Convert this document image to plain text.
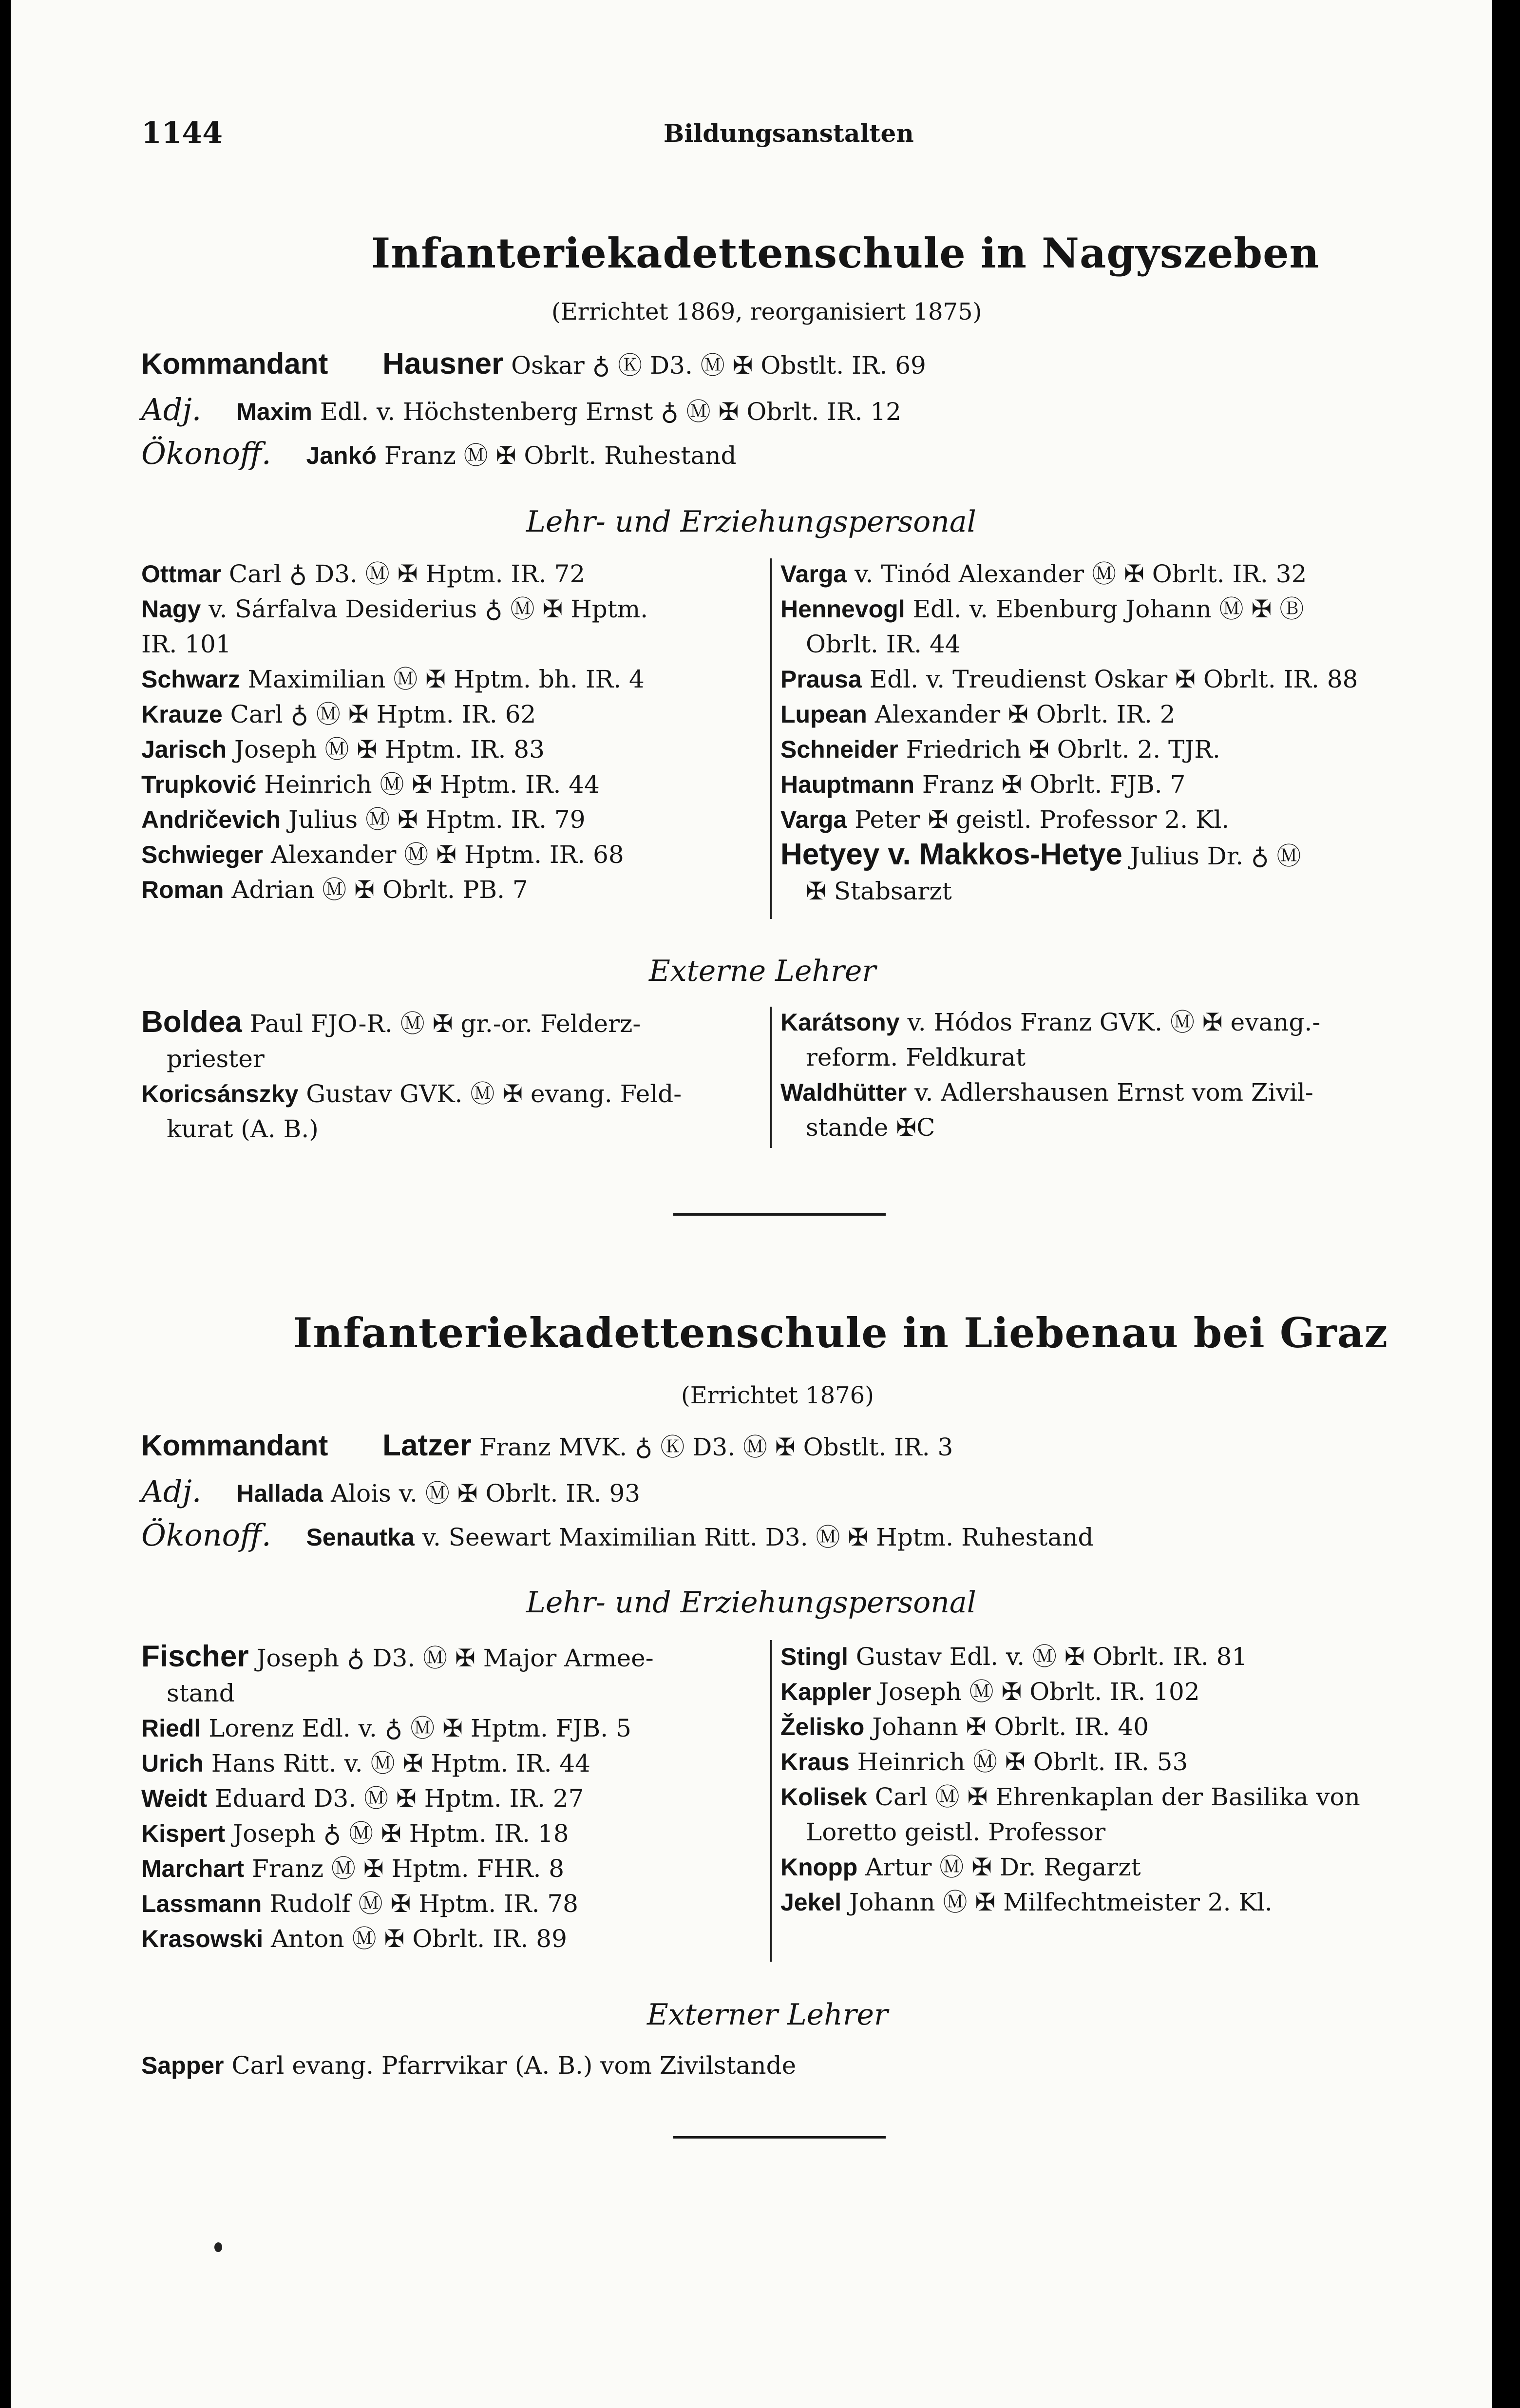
1144	Bildungsanstalten
Infanteriekadettenschule in Nagyszeben
(Errichtet 1869, reorganisiert 1875)
Kommandant Hausner Oskar ♁ Ⓚ D3. Ⓜ ✠ Obstlt. IR. 69
Adj. Maxim Edl. v. Höchstenberg Ernst ♁ Ⓜ ✠ Obrlt. IR. 12
Ökonoff. Jankó Franz Ⓜ ✠ Obrlt. Ruhestand
Lehr- und Erziehungspersonal
Ottmar Carl ♁ D3. Ⓜ ✠ Hptm. IR. 72
Nagy v. Sárfalva Desiderius ♁ Ⓜ ✠ Hptm.
IR. 101
Schwarz Maximilian Ⓜ ✠ Hptm. bh. IR. 4
Krauze Carl ♁ Ⓜ ✠ Hptm. IR. 62
Jarisch Joseph Ⓜ ✠ Hptm. IR. 83
Trupković Heinrich Ⓜ ✠ Hptm. IR. 44
Andričevich Julius Ⓜ ✠ Hptm. IR. 79
Schwieger Alexander Ⓜ ✠ Hptm. IR. 68
Roman Adrian Ⓜ ✠ Obrlt. PB. 7
Varga v. Tinód Alexander Ⓜ ✠ Obrlt. IR. 32
Hennevogl Edl. v. Ebenburg Johann Ⓜ ✠ Ⓑ
Obrlt. IR. 44
Prausa Edl. v. Treudienst Oskar ✠ Obrlt. IR. 88
Lupean Alexander ✠ Obrlt. IR. 2
Schneider Friedrich ✠ Obrlt. 2. TJR.
Hauptmann Franz ✠ Obrlt. FJB. 7
Varga Peter ✠ geistl. Professor 2. Kl.
Hetyey v. Makkos-Hetye Julius Dr. ♁ Ⓜ
✠ Stabsarzt
Externe Lehrer
Boldea Paul FJO-R. Ⓜ ✠ gr.-or. Felderz-
priester
Koricsánszky Gustav GVK. Ⓜ ✠ evang. Feld-
kurat (A. B.)
Karátsony v. Hódos Franz GVK. Ⓜ ✠ evang.-
reform. Feldkurat
Waldhütter v. Adlershausen Ernst vom Zivil-
stande ✠C
Infanteriekadettenschule in Liebenau bei Graz
(Errichtet 1876)
Kommandant Latzer Franz MVK. ♁ Ⓚ D3. Ⓜ ✠ Obstlt. IR. 3
Adj. Hallada Alois v. Ⓜ ✠ Obrlt. IR. 93
Ökonoff. Senautka v. Seewart Maximilian Ritt. D3. Ⓜ ✠ Hptm. Ruhestand
Lehr- und Erziehungspersonal
Fischer Joseph ♁ D3. Ⓜ ✠ Major Armee-
stand
Riedl Lorenz Edl. v. ♁ Ⓜ ✠ Hptm. FJB. 5
Urich Hans Ritt. v. Ⓜ ✠ Hptm. IR. 44
Weidt Eduard D3. Ⓜ ✠ Hptm. IR. 27
Kispert Joseph ♁ Ⓜ ✠ Hptm. IR. 18
Marchart Franz Ⓜ ✠ Hptm. FHR. 8
Lassmann Rudolf Ⓜ ✠ Hptm. IR. 78
Krasowski Anton Ⓜ ✠ Obrlt. IR. 89
Stingl Gustav Edl. v. Ⓜ ✠ Obrlt. IR. 81
Kappler Joseph Ⓜ ✠ Obrlt. IR. 102
Želisko Johann ✠ Obrlt. IR. 40
Kraus Heinrich Ⓜ ✠ Obrlt. IR. 53
Kolisek Carl Ⓜ ✠ Ehrenkaplan der Basilika von
Loretto geistl. Professor
Knopp Artur Ⓜ ✠ Dr. Regarzt
Jekel Johann Ⓜ ✠ Milfechtmeister 2. Kl.
Externer Lehrer
Sapper Carl evang. Pfarrvikar (A. B.) vom Zivilstande
